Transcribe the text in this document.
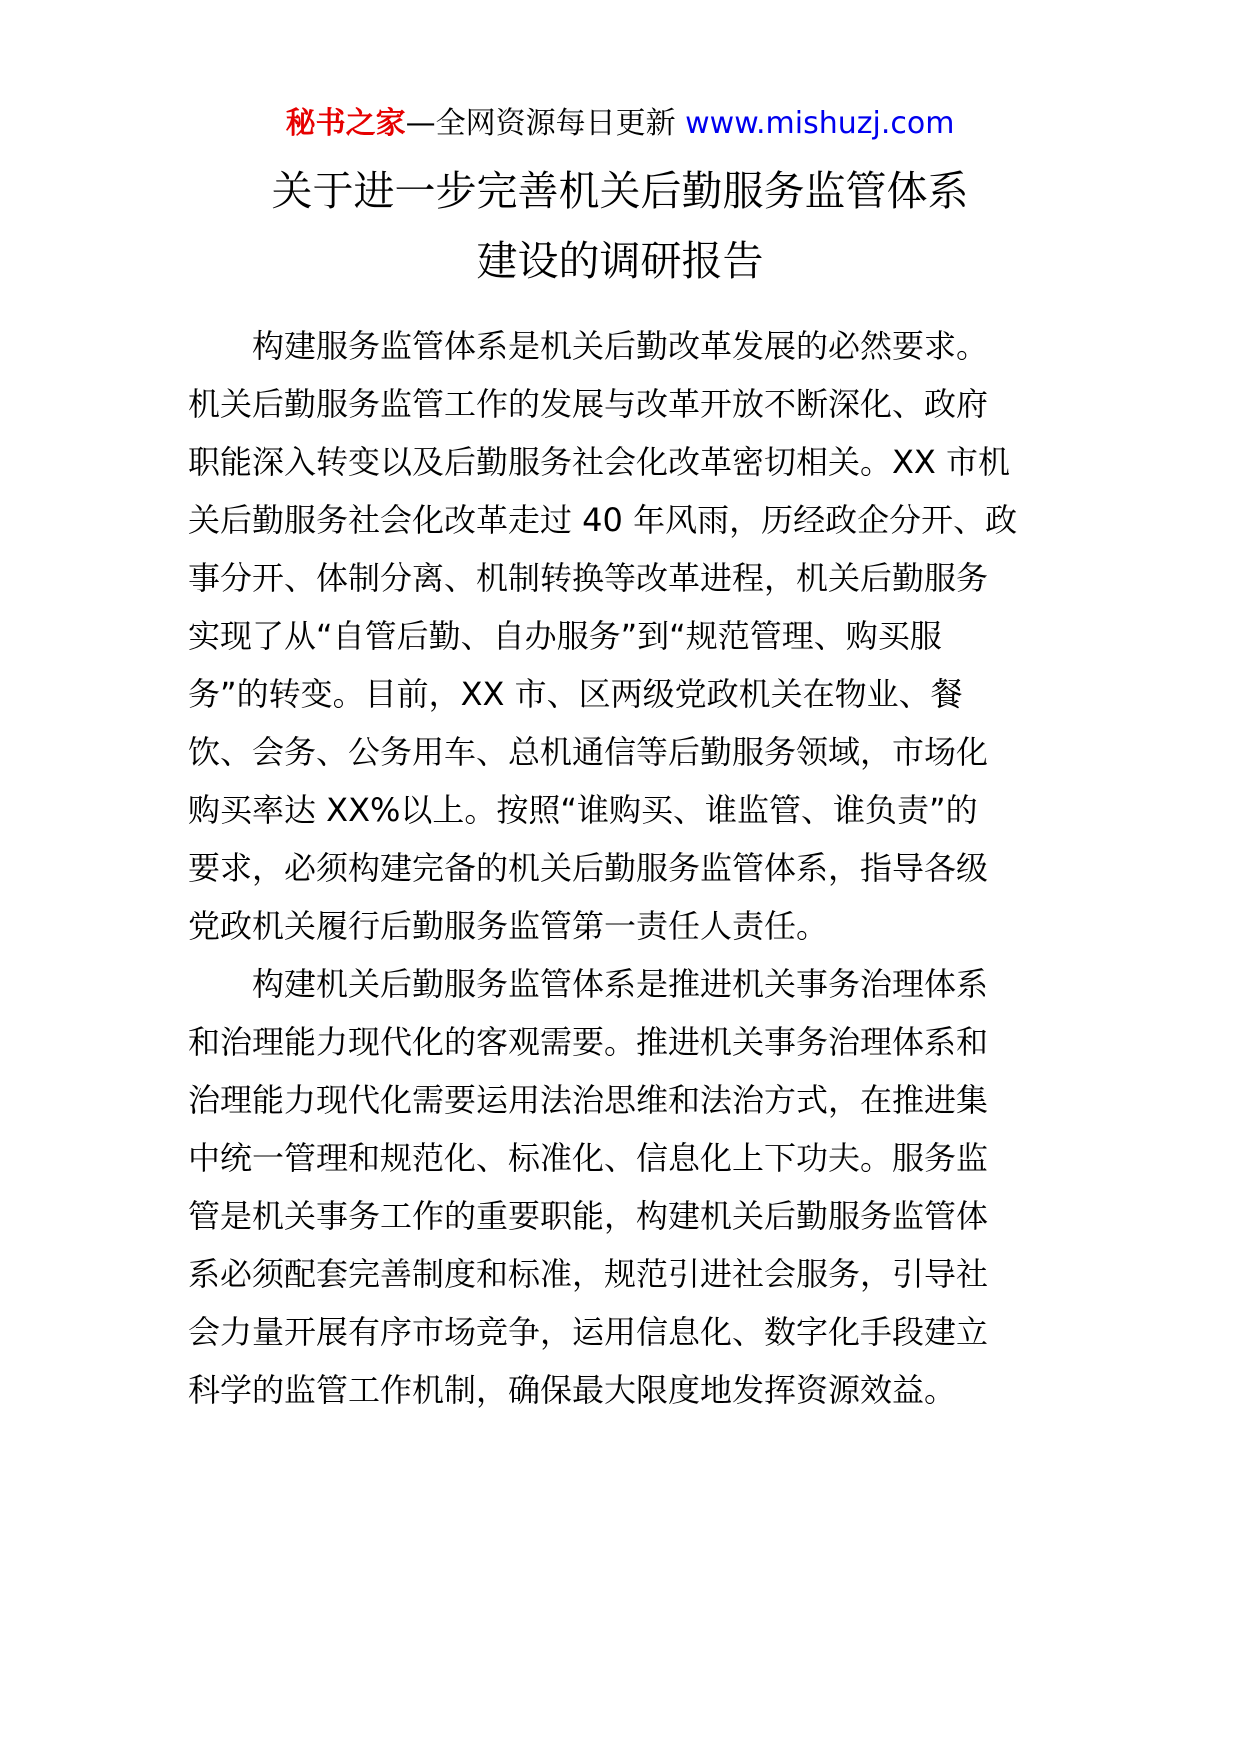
秘书之家—全网资源每日更新 www.mishuzj.com
关于进一步完善机关后勤服务监管体系
建设的调研报告
构建服务监管体系是机关后勤改革发展的必然要求。
机关后勤服务监管工作的发展与改革开放不断深化、政府
职能深入转变以及后勤服务社会化改革密切相关。XX 市机
关后勤服务社会化改革走过 40 年风雨，历经政企分开、政
事分开、体制分离、机制转换等改革进程，机关后勤服务
实现了从“自管后勤、自办服务”到“规范管理、购买服
务”的转变。目前，XX 市、区两级党政机关在物业、餐
饮、会务、公务用车、总机通信等后勤服务领域，市场化
购买率达 XX%以上。按照“谁购买、谁监管、谁负责”的
要求，必须构建完备的机关后勤服务监管体系，指导各级
党政机关履行后勤服务监管第一责任人责任。
构建机关后勤服务监管体系是推进机关事务治理体系
和治理能力现代化的客观需要。推进机关事务治理体系和
治理能力现代化需要运用法治思维和法治方式，在推进集
中统一管理和规范化、标准化、信息化上下功夫。服务监
管是机关事务工作的重要职能，构建机关后勤服务监管体
系必须配套完善制度和标准，规范引进社会服务，引导社
会力量开展有序市场竞争，运用信息化、数字化手段建立
科学的监管工作机制，确保最大限度地发挥资源效益。
